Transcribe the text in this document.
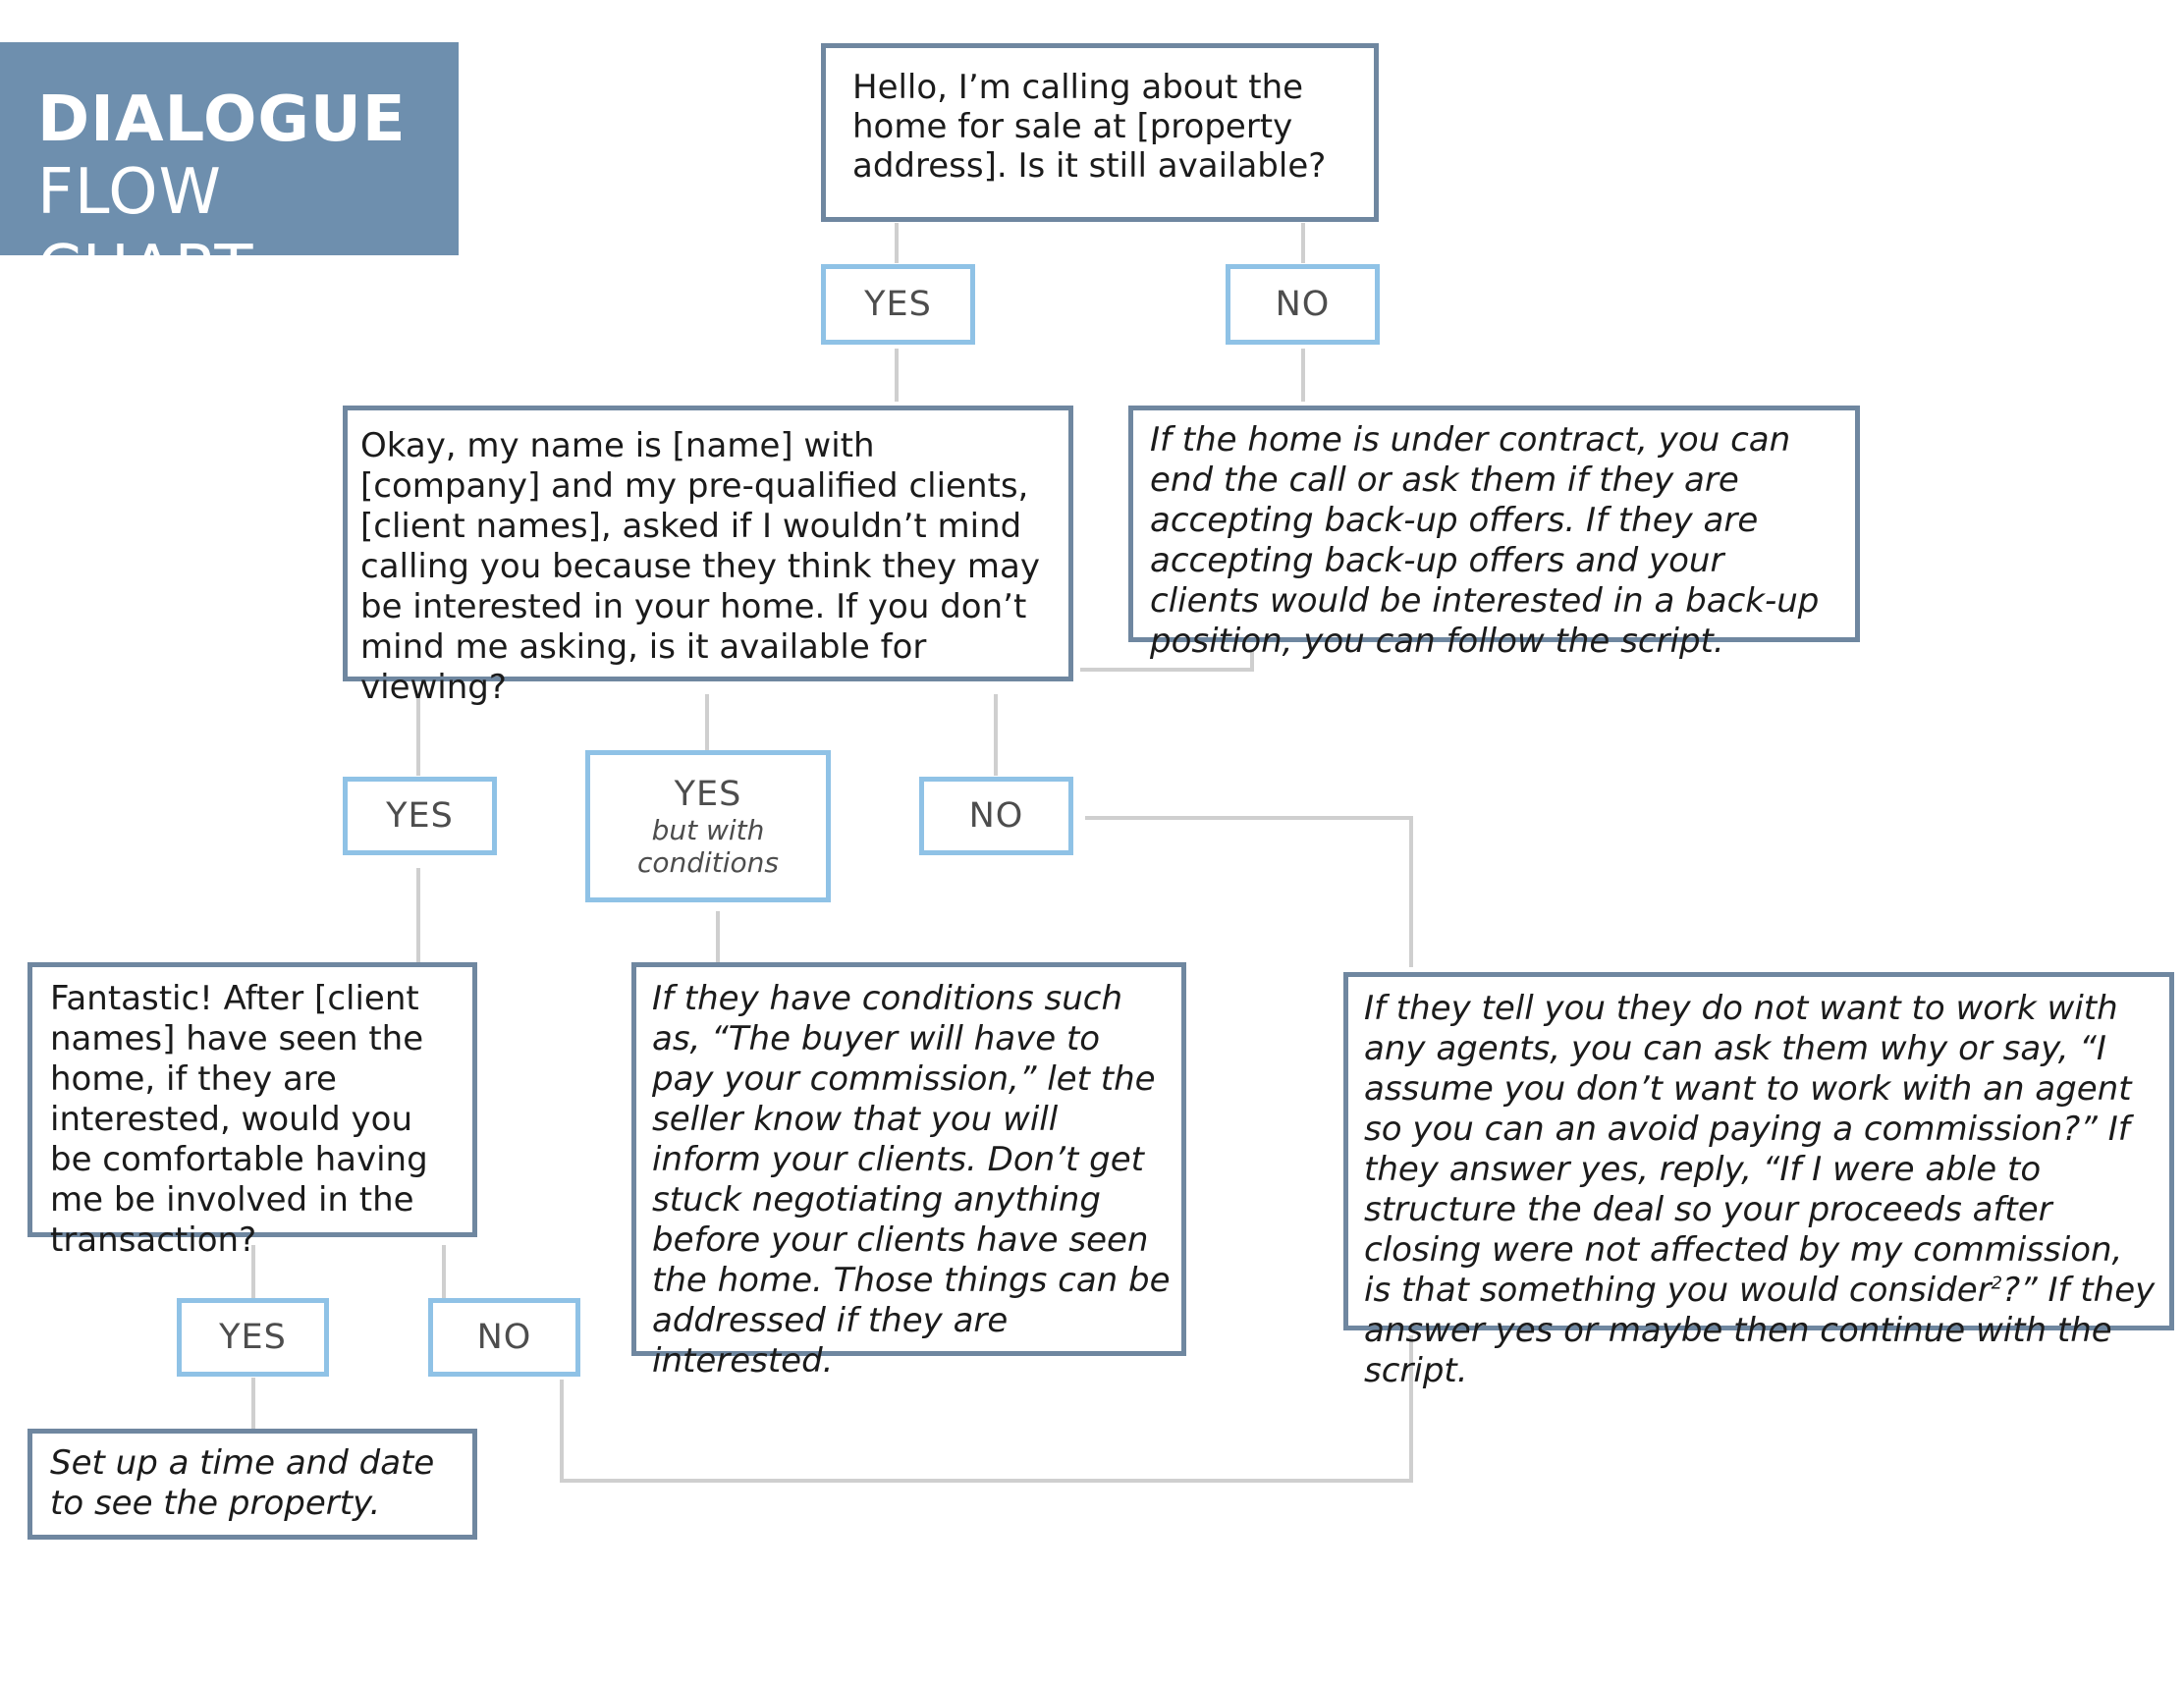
DIALOGUE
FLOW CHART
Hello, I’m calling about the home for sale at [property address]. Is it still available?
YES	NO
Okay, my name is [name] with [company] and my pre-qualified clients, [client names], asked if I wouldn’t mind calling you because they think they may be interested in your home. If you don’t mind me asking, is it available for viewing?
If the home is under contract, you can end the call or ask them if they are accepting back-up offers. If they are accepting back-up offers and your clients would be interested in a back-up position, you can follow the script.
YES
YES
but with conditions
NO
Fantastic! After [client names] have seen the home, if they are interested, would you be comfortable having me be involved in the transaction?
If they have conditions such as, “The buyer will have to pay your commission,” let the seller know that you will inform your clients. Don’t get stuck negotiating anything before your clients have seen the home. Those things can be addressed if they are interested.
If they tell you they do not want to work with any agents, you can ask them why or say, “I assume you don’t want to work with an agent so you can an avoid paying a commission?” If they answer yes, reply, “If I were able to structure the deal so your proceeds after closing were not affected by my commission, is that something you would consider$^2$?” If they answer yes or maybe then continue with the script.
YES	NO
Set up a time and date to see the property.
